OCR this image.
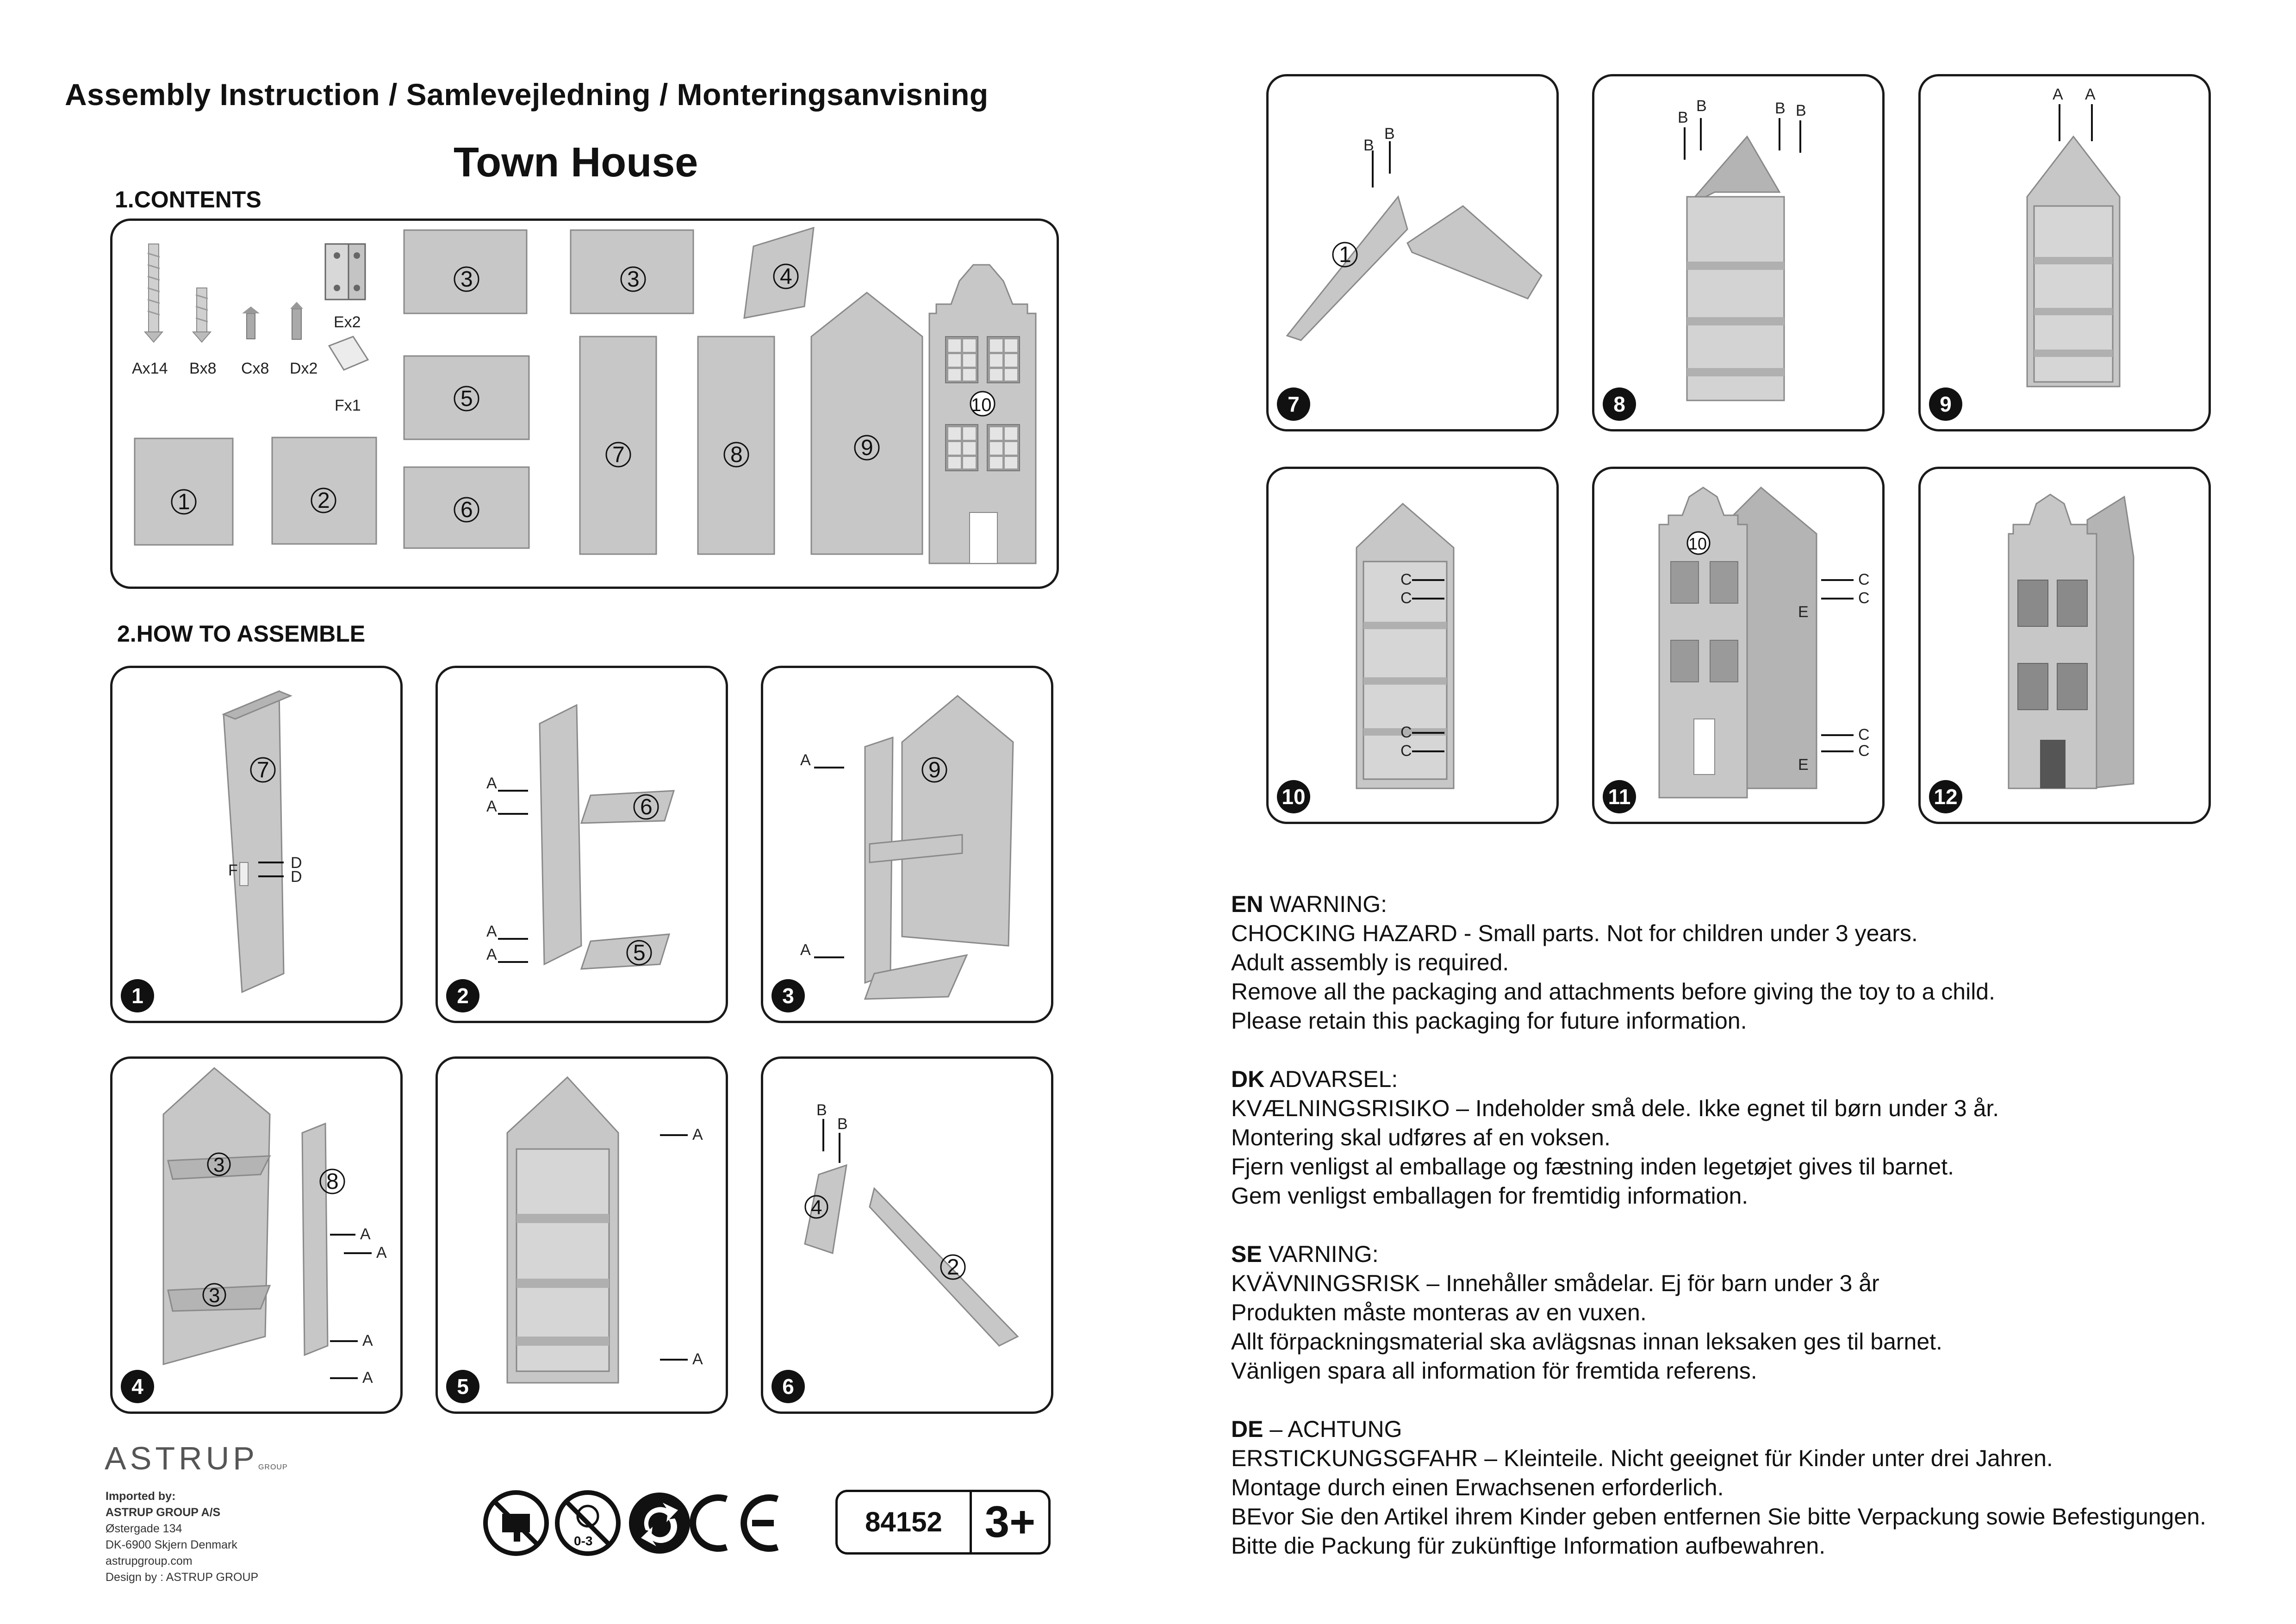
Assembly Instruction / Samlevejledning / Monteringsanvisning
Town House
1.CONTENTS
Ax14 Bx8 Cx8 Dx2
Ex2
Fx1
1	2
3	3	4
5
6
7	8	9
10
2.HOW TO ASSEMBLE
7
D
D
F
1
6
5
A
A
A
A
2
9
A
A
3
3
3
8
A
A
A
A
4
A
A
5
4
2
B
B
6
1
B
B
7
B
B	B B
8
A A
9
C
C
C
C
10
10
C
C
C
C
E
E
11	12
EN WARNING:
CHOCKING HAZARD - Small parts. Not for children under 3 years.
Adult assembly is required.
Remove all the packaging and attachments before giving the toy to a child.
Please retain this packaging for future information.
DK ADVARSEL:
KVÆLNINGSRISIKO – Indeholder små dele. Ikke egnet til børn under 3 år.
Montering skal udføres af en voksen.
Fjern venligst al emballage og fæstning inden legetøjet gives til barnet.
Gem venligst emballagen for fremtidig information.
SE VARNING:
KVÄVNINGSRISK – Innehåller smådelar. Ej för barn under 3 år
Produkten måste monteras av en vuxen.
Allt förpackningsmaterial ska avlägsnas innan leksaken ges til barnet.
Vänligen spara all information för fremtida referens.
DE – ACHTUNG
ERSTICKUNGSGFAHR – Kleinteile. Nicht geeignet für Kinder unter drei Jahren.
Montage durch einen Erwachsenen erforderlich.
BEvor Sie den Artikel ihrem Kinder geben entfernen Sie bitte Verpackung sowie Befestigungen.
Bitte die Packung für zukünftige Information aufbewahren.
ASTRUPGROUP
Imported by:
ASTRUP GROUP A/S
Østergade 134
DK-6900 Skjern Denmark
astrupgroup.com
Design by : ASTRUP GROUP
0-3
84152 3+
